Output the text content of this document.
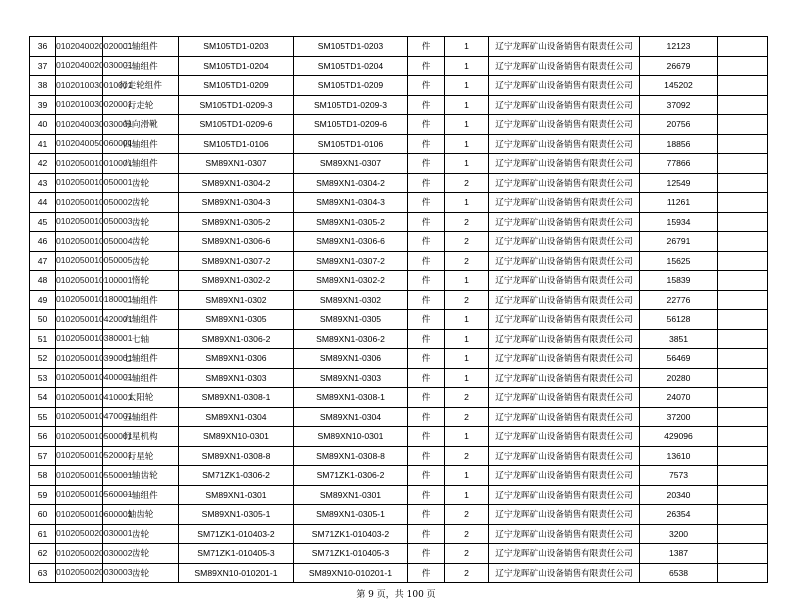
36	0102040020020001	二轴组件	SM105TD1-0203	SM105TD1-0203	件	1	辽宁龙晖矿山设备销售有限责任公司	12123	
37	0102040020030001	三轴组件	SM105TD1-0204	SM105TD1-0204	件	1	辽宁龙晖矿山设备销售有限责任公司	26679	
38	0102010030010001	行走轮组件	SM105TD1-0209	SM105TD1-0209	件	1	辽宁龙晖矿山设备销售有限责任公司	145202	
39	0102010030020001	行走轮	SM105TD1-0209-3	SM105TD1-0209-3	件	1	辽宁龙晖矿山设备销售有限责任公司	37092	
40	0102040030030001	导向滑靴	SM105TD1-0209-6	SM105TD1-0209-6	件	1	辽宁龙晖矿山设备销售有限责任公司	20756	
41	0102040050060001	四轴组件	SM105TD1-0106	SM105TD1-0106	件	1	辽宁龙晖矿山设备销售有限责任公司	18856	
42	0102050010010001	八轴组件	SM89XN1-0307	SM89XN1-0307	件	1	辽宁龙晖矿山设备销售有限责任公司	77866	
43	0102050010050001	齿轮	SM89XN1-0304-2	SM89XN1-0304-2	件	2	辽宁龙晖矿山设备销售有限责任公司	12549	
44	0102050010050002	齿轮	SM89XN1-0304-3	SM89XN1-0304-3	件	1	辽宁龙晖矿山设备销售有限责任公司	11261	
45	0102050010050003	齿轮	SM89XN1-0305-2	SM89XN1-0305-2	件	2	辽宁龙晖矿山设备销售有限责任公司	15934	
46	0102050010050004	齿轮	SM89XN1-0306-6	SM89XN1-0306-6	件	2	辽宁龙晖矿山设备销售有限责任公司	26791	
47	0102050010050005	齿轮	SM89XN1-0307-2	SM89XN1-0307-2	件	2	辽宁龙晖矿山设备销售有限责任公司	15625	
48	0102050010100001	惰轮	SM89XN1-0302-2	SM89XN1-0302-2	件	1	辽宁龙晖矿山设备销售有限责任公司	15839	
49	0102050010180001	二轴组件	SM89XN1-0302	SM89XN1-0302	件	2	辽宁龙晖矿山设备销售有限责任公司	22776	
50	0102050010420001	六轴组件	SM89XN1-0305	SM89XN1-0305	件	1	辽宁龙晖矿山设备销售有限责任公司	56128	
51	0102050010380001	七轴	SM89XN1-0306-2	SM89XN1-0306-2	件	1	辽宁龙晖矿山设备销售有限责任公司	3851	
52	0102050010390001	七轴组件	SM89XN1-0306	SM89XN1-0306	件	1	辽宁龙晖矿山设备销售有限责任公司	56469	
53	0102050010400001	三轴组件	SM89XN1-0303	SM89XN1-0303	件	1	辽宁龙晖矿山设备销售有限责任公司	20280	
54	0102050010410001	太阳轮	SM89XN1-0308-1	SM89XN1-0308-1	件	2	辽宁龙晖矿山设备销售有限责任公司	24070	
55	0102050010470001	五轴组件	SM89XN1-0304	SM89XN1-0304	件	2	辽宁龙晖矿山设备销售有限责任公司	37200	
56	0102050010500001	行星机构	SM89XN10-0301	SM89XN10-0301	件	1	辽宁龙晖矿山设备销售有限责任公司	429096	
57	0102050010520001	行星轮	SM89XN1-0308-8	SM89XN1-0308-8	件	2	辽宁龙晖矿山设备销售有限责任公司	13610	
58	0102050010550001	一轴齿轮	SM71ZK1-0306-2	SM71ZK1-0306-2	件	1	辽宁龙晖矿山设备销售有限责任公司	7573	
59	0102050010560001	一轴组件	SM89XN1-0301	SM89XN1-0301	件	1	辽宁龙晖矿山设备销售有限责任公司	20340	
60	0102050010600001	轴齿轮	SM89XN1-0305-1	SM89XN1-0305-1	件	2	辽宁龙晖矿山设备销售有限责任公司	26354	
61	0102050020030001	齿轮	SM71ZK1-010403-2	SM71ZK1-010403-2	件	2	辽宁龙晖矿山设备销售有限责任公司	3200	
62	0102050020030002	齿轮	SM71ZK1-010405-3	SM71ZK1-010405-3	件	2	辽宁龙晖矿山设备销售有限责任公司	1387	
63	0102050020030003	齿轮	SM89XN10-010201-1	SM89XN10-010201-1	件	2	辽宁龙晖矿山设备销售有限责任公司	6538	
第 9 页，共 100 页
